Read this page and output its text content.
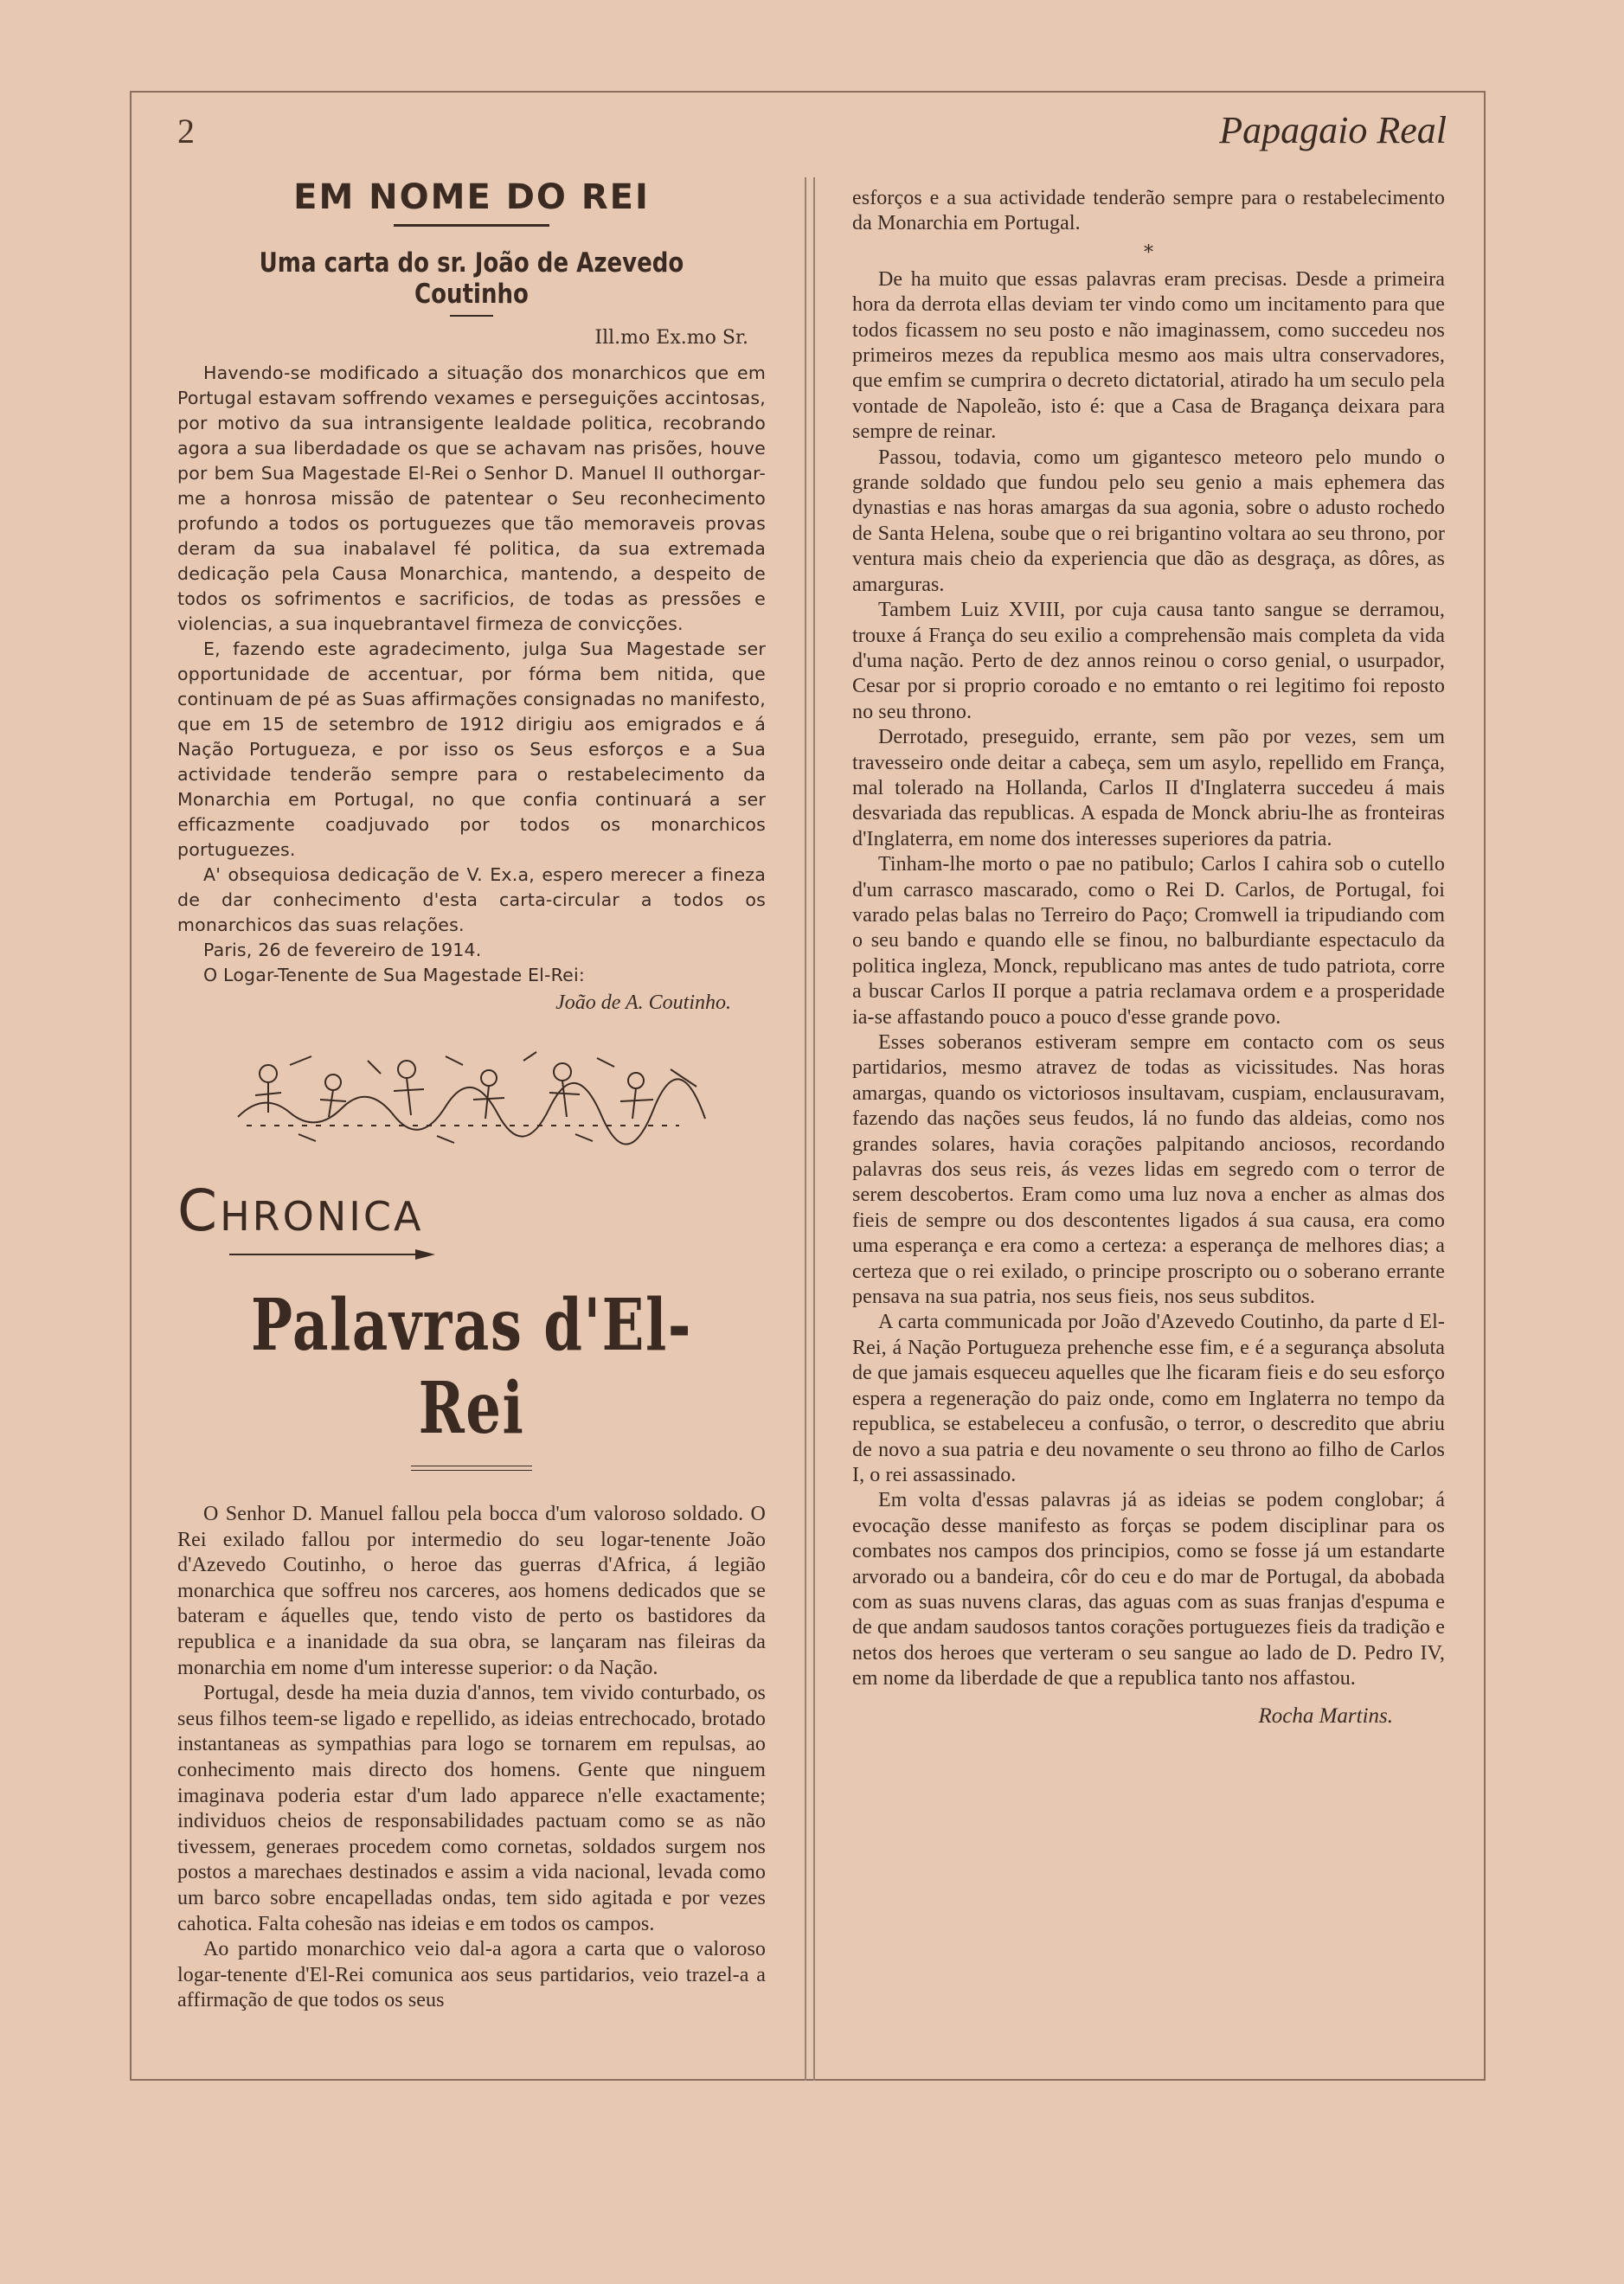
2	Papagaio Real
EM NOME DO REI
Uma carta do sr. João de Azevedo Coutinho
Ill.mo Ex.mo Sr.

Havendo-se modificado a situação dos monarchicos que em Portugal estavam soffrendo vexames e perseguições accintosas, por motivo da sua intransigente lealdade politica, recobrando agora a sua liberdadade os que se achavam nas prisões, houve por bem Sua Magestade El-Rei o Senhor D. Manuel II outhorgar-me a honrosa missão de patentear o Seu reconhecimento profundo a todos os portuguezes que tão memoraveis provas deram da sua inabalavel fé politica, da sua extremada dedicação pela Causa Monarchica, mantendo, a despeito de todos os sofrimentos e sacrificios, de todas as pressões e violencias, a sua inquebrantavel firmeza de convicções.

E, fazendo este agradecimento, julga Sua Magestade ser opportunidade de accentuar, por fórma bem nitida, que continuam de pé as Suas affirmações consignadas no manifesto, que em 15 de setembro de 1912 dirigiu aos emigrados e á Nação Portugueza, e por isso os Seus esforços e a Sua actividade tenderão sempre para o restabelecimento da Monarchia em Portugal, no que confia continuará a ser efficazmente coadjuvado por todos os monarchicos portuguezes.

A' obsequiosa dedicação de V. Ex.a, espero merecer a fineza de dar conhecimento d'esta carta-circular a todos os monarchicos das suas relações.

Paris, 26 de fevereiro de 1914.

O Logar-Tenente de Sua Magestade El-Rei:

João de A. Coutinho.
CHRONICA
Palavras d'El-Rei

O Senhor D. Manuel fallou pela bocca d'um valoroso soldado. O Rei exilado fallou por intermedio do seu logar-tenente João d'Azevedo Coutinho, o heroe das guerras d'Africa, á legião monarchica que soffreu nos carceres, aos homens dedicados que se bateram e áquelles que, tendo visto de perto os bastidores da republica e a inanidade da sua obra, se lançaram nas fileiras da monarchia em nome d'um interesse superior: o da Nação.

Portugal, desde ha meia duzia d'annos, tem vivido conturbado, os seus filhos teem-se ligado e repellido, as ideias entrechocado, brotado instantaneas as sympathias para logo se tornarem em repulsas, ao conhecimento mais directo dos homens. Gente que ninguem imaginava poderia estar d'um lado apparece n'elle exactamente; individuos cheios de responsabilidades pactuam como se as não tivessem, generaes procedem como cornetas, soldados surgem nos postos a marechaes destinados e assim a vida nacional, levada como um barco sobre encapelladas ondas, tem sido agitada e por vezes cahotica. Falta cohesão nas ideias e em todos os campos.

Ao partido monarchico veio dal-a agora a carta que o valoroso logar-tenente d'El-Rei comunica aos seus partidarios, veio trazel-a a affirmação de que todos os seus

esforços e a sua actividade tenderão sempre para o restabelecimento da Monarchia em Portugal.

*

De ha muito que essas palavras eram precisas. Desde a primeira hora da derrota ellas deviam ter vindo como um incitamento para que todos ficassem no seu posto e não imaginassem, como succedeu nos primeiros mezes da republica mesmo aos mais ultra conservadores, que emfim se cumprira o decreto dictatorial, atirado ha um seculo pela vontade de Napoleão, isto é: que a Casa de Bragança deixara para sempre de reinar.

Passou, todavia, como um gigantesco meteoro pelo mundo o grande soldado que fundou pelo seu genio a mais ephemera das dynastias e nas horas amargas da sua agonia, sobre o adusto rochedo de Santa Helena, soube que o rei brigantino voltara ao seu throno, por ventura mais cheio da experiencia que dão as desgraça, as dôres, as amarguras.

Tambem Luiz XVIII, por cuja causa tanto sangue se derramou, trouxe á França do seu exilio a comprehensão mais completa da vida d'uma nação. Perto de dez annos reinou o corso genial, o usurpador, Cesar por si proprio coroado e no emtanto o rei legitimo foi reposto no seu throno.

Derrotado, preseguido, errante, sem pão por vezes, sem um travesseiro onde deitar a cabeça, sem um asylo, repellido em França, mal tolerado na Hollanda, Carlos II d'Inglaterra succedeu á mais desvariada das republicas. A espada de Monck abriu-lhe as fronteiras d'Inglaterra, em nome dos interesses superiores da patria.

Tinham-lhe morto o pae no patibulo; Carlos I cahira sob o cutello d'um carrasco mascarado, como o Rei D. Carlos, de Portugal, foi varado pelas balas no Terreiro do Paço; Cromwell ia tripudiando com o seu bando e quando elle se finou, no balburdiante espectaculo da politica ingleza, Monck, republicano mas antes de tudo patriota, corre a buscar Carlos II porque a patria reclamava ordem e a prosperidade ia-se affastando pouco a pouco d'esse grande povo.

Esses soberanos estiveram sempre em contacto com os seus partidarios, mesmo atravez de todas as vicissitudes. Nas horas amargas, quando os victoriosos insultavam, cuspiam, enclausuravam, fazendo das nações seus feudos, lá no fundo das aldeias, como nos grandes solares, havia corações palpitando anciosos, recordando palavras dos seus reis, ás vezes lidas em segredo com o terror de serem descobertos. Eram como uma luz nova a encher as almas dos fieis de sempre ou dos descontentes ligados á sua causa, era como uma esperança e era como a certeza: a esperança de melhores dias; a certeza que o rei exilado, o principe proscripto ou o soberano errante pensava na sua patria, nos seus fieis, nos seus subditos.

A carta communicada por João d'Azevedo Coutinho, da parte d El-Rei, á Nação Portugueza prehenche esse fim, e é a segurança absoluta de que jamais esqueceu aquelles que lhe ficaram fieis e do seu esforço espera a regeneração do paiz onde, como em Inglaterra no tempo da republica, se estabeleceu a confusão, o terror, o descredito que abriu de novo a sua patria e deu novamente o seu throno ao filho de Carlos I, o rei assassinado.

Em volta d'essas palavras já as ideias se podem conglobar; á evocação desse manifesto as forças se podem disciplinar para os combates nos campos dos principios, como se fosse já um estandarte arvorado ou a bandeira, côr do ceu e do mar de Portugal, da abobada com as suas nuvens claras, das aguas com as suas franjas d'espuma e de que andam saudosos tantos corações portuguezes fieis da tradição e netos dos heroes que verteram o seu sangue ao lado de D. Pedro IV, em nome da liberdade de que a republica tanto nos affastou.

Rocha Martins.
